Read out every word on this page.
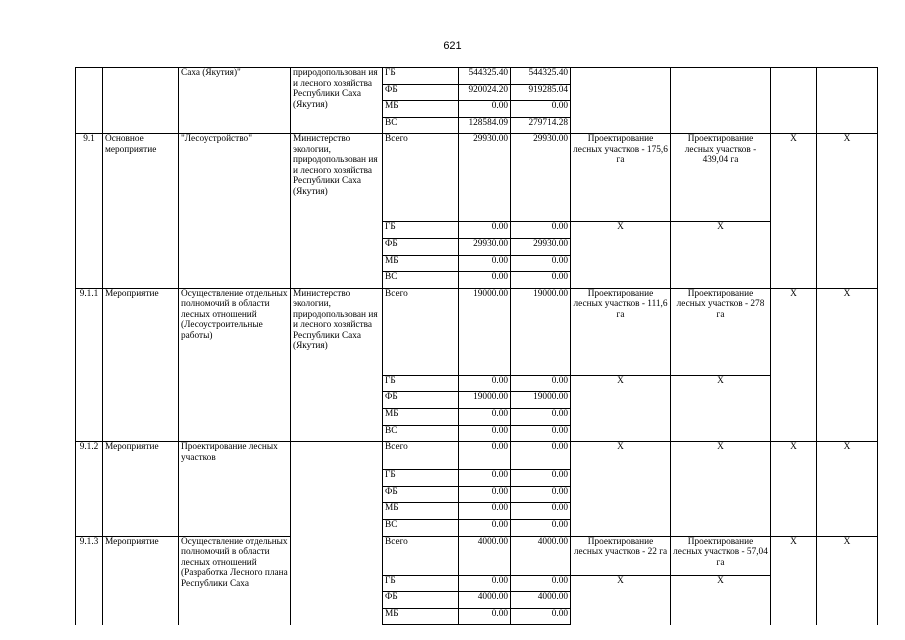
621
		Саха (Якутия)"	природопользован ия и лесного хозяйства Республики Саха (Якутия)	ГБ	544325.40	544325.40				
				ФБ	920024.20	919285.04				
				МБ	0.00	0.00				
				ВС	128584.09	279714.28				
9.1	Основное мероприятие	"Лесоустройство"	Министерство экологии, природопользован ия и лесного хозяйства Республики Саха (Якутия)	Всего	29930.00	29930.00	Проектирование лесных участков - 175,6 га	Проектирование лесных участков - 439,04 га	Х	Х
				ГБ	0.00	0.00	Х	Х		
				ФБ	29930.00	29930.00				
				МБ	0.00	0.00				
				ВС	0.00	0.00				
9.1.1	Мероприятие	Осуществление отдельных полномочий в области лесных отношений (Лесоустроительные работы)	Министерство экологии, природопользован ия и лесного хозяйства Республики Саха (Якутия)	Всего	19000.00	19000.00	Проектирование лесных участков - 111,6 га	Проектирование лесных участков - 278 га	Х	Х
				ГБ	0.00	0.00	Х	Х		
				ФБ	19000.00	19000.00				
				МБ	0.00	0.00				
				ВС	0.00	0.00				
9.1.2	Мероприятие	Проектирование лесных участков		Всего	0.00	0.00	Х	Х	Х	Х
				ГБ	0.00	0.00				
				ФБ	0.00	0.00				
				МБ	0.00	0.00				
				ВС	0.00	0.00				
9.1.3	Мероприятие	Осуществление отдельных полномочий в области лесных отношений (Разработка Лесного плана Республики Саха		Всего	4000.00	4000.00	Проектирование лесных участков - 22 га	Проектирование лесных участков - 57,04 га	Х	Х
				ГБ	0.00	0.00	Х	Х		
				ФБ	4000.00	4000.00				
				МБ	0.00	0.00				
